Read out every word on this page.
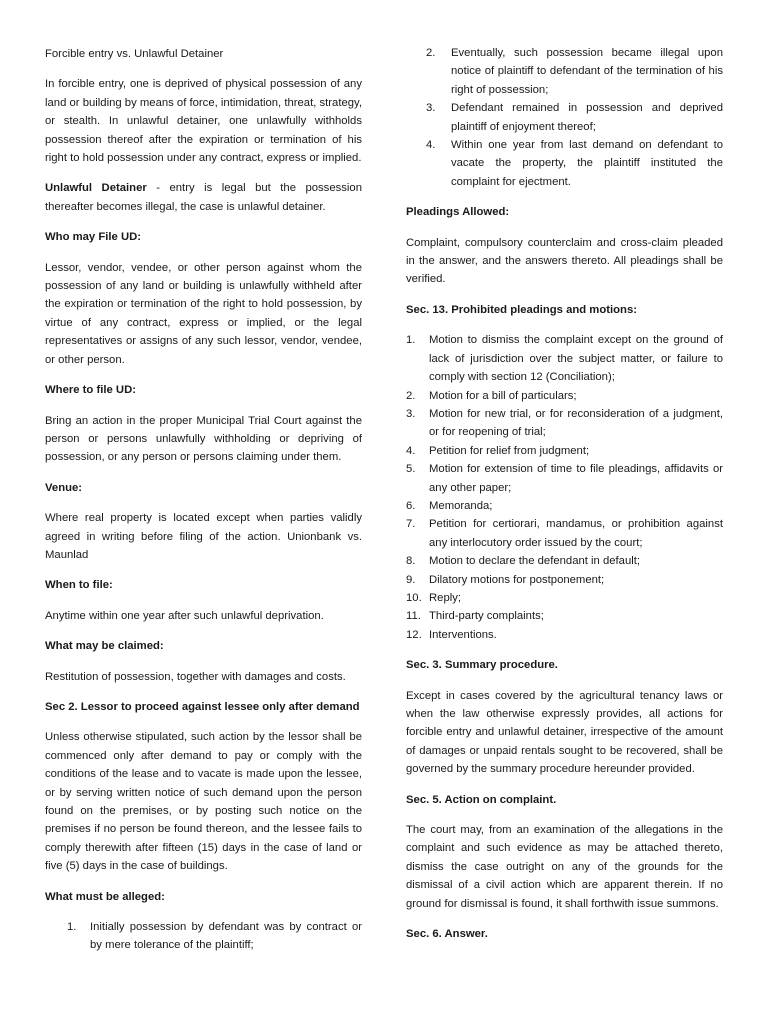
Forcible entry vs. Unlawful Detainer

In forcible entry, one is deprived of physical possession of any land or building by means of force, intimidation, threat, strategy, or stealth. In unlawful detainer, one unlawfully withholds possession thereof after the expiration or termination of his right to hold possession under any contract, express or implied.

Unlawful Detainer - entry is legal but the possession thereafter becomes illegal, the case is unlawful detainer.

Who may File UD:

Lessor, vendor, vendee, or other person against whom the possession of any land or building is unlawfully withheld after the expiration or termination of the right to hold possession, by virtue of any contract, express or implied, or the legal representatives or assigns of any such lessor, vendor, vendee, or other person.

Where to file UD:

Bring an action in the proper Municipal Trial Court against the person or persons unlawfully withholding or depriving of possession, or any person or persons claiming under them.

Venue:

Where real property is located except when parties validly agreed in writing before filing of the action. Unionbank vs. Maunlad

When to file:

Anytime within one year after such unlawful deprivation.

What may be claimed:

Restitution of possession, together with damages and costs.

Sec 2. Lessor to proceed against lessee only after demand

Unless otherwise stipulated, such action by the lessor shall be commenced only after demand to pay or comply with the conditions of the lease and to vacate is made upon the lessee, or by serving written notice of such demand upon the person found on the premises, or by posting such notice on the premises if no person be found thereon, and the lessee fails to comply therewith after fifteen (15) days in the case of land or five (5) days in the case of buildings.

What must be alleged:
1. Initially possession by defendant was by contract or by mere tolerance of the plaintiff;
2. Eventually, such possession became illegal upon notice of plaintiff to defendant of the termination of his right of possession;
3. Defendant remained in possession and deprived plaintiff of enjoyment thereof;
4. Within one year from last demand on defendant to vacate the property, the plaintiff instituted the complaint for ejectment.
Pleadings Allowed:

Complaint, compulsory counterclaim and cross-claim pleaded in the answer, and the answers thereto. All pleadings shall be verified.

Sec. 13. Prohibited pleadings and motions:
1. Motion to dismiss the complaint except on the ground of lack of jurisdiction over the subject matter, or failure to comply with section 12 (Conciliation);
2. Motion for a bill of particulars;
3. Motion for new trial, or for reconsideration of a judgment, or for reopening of trial;
4. Petition for relief from judgment;
5. Motion for extension of time to file pleadings, affidavits or any other paper;
6. Memoranda;
7. Petition for certiorari, mandamus, or prohibition against any interlocutory order issued by the court;
8. Motion to declare the defendant in default;
9. Dilatory motions for postponement;
10. Reply;
11. Third-party complaints;
12. Interventions.
Sec. 3. Summary procedure.

Except in cases covered by the agricultural tenancy laws or when the law otherwise expressly provides, all actions for forcible entry and unlawful detainer, irrespective of the amount of damages or unpaid rentals sought to be recovered, shall be governed by the summary procedure hereunder provided.

Sec. 5. Action on complaint.

The court may, from an examination of the allegations in the complaint and such evidence as may be attached thereto, dismiss the case outright on any of the grounds for the dismissal of a civil action which are apparent therein. If no ground for dismissal is found, it shall forthwith issue summons.

Sec. 6. Answer.
